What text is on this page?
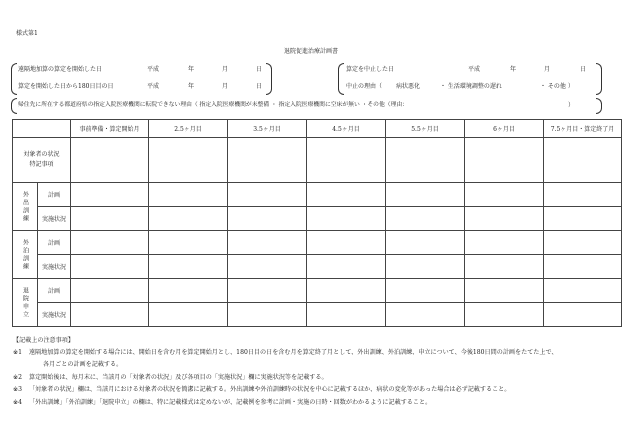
様式第1
退院促進治療計画書
遠隔地加算の算定を開始した日	平成	年	月	日
算定を開始した日から180日目の日	平成	年	月	日
算定を中止した日	平成	年	月	日
中止の理由（ 病状悪化	・ 生活環境調整の遅れ	・ その他 ）
帰住先に所在する都道府県の指定入院医療機関に転院できない理由（ 指定入院医療機関が未整備 ・ 指定入院医療機関に空床が無い ・その他（理由：	）
		事前準備・算定開始月	2.5ヶ月目	3.5ヶ月目	4.5ヶ月目	5.5ヶ月目	6ヶ月目	7.5ヶ月目・算定終了月

対象者の状況
特記事項								

外出訓練	計画							
	実施状況							

外泊訓練	計画							
	実施状況							

退院申立	計画							
	実施状況							
【記載上の注意事項】
※1 遠隔地加算の算定を開始する場合には、開始日を含む月を算定開始月とし、180日目の日を含む月を算定終了月として、外出訓練、外泊訓練、申立について、今後180日間の計画をたてた上で、
各月ごとの計画を記載する。
※2 算定開始後は、毎月末に、当該月の「対象者の状況」及び各項目の「実施状況」欄に実施状況等を記載する。
※3 「対象者の状況」欄は、当該月における対象者の状況を簡潔に記載する。外出訓練や外泊訓練時の状況を中心に記載するほか、病状の変化等があった場合は必ず記載すること。
※4 「外出訓練」「外泊訓練」「退院申立」の欄は、特に記載様式は定めないが、記載例を参考に計画・実施の日時・回数がわかるように記載すること。
